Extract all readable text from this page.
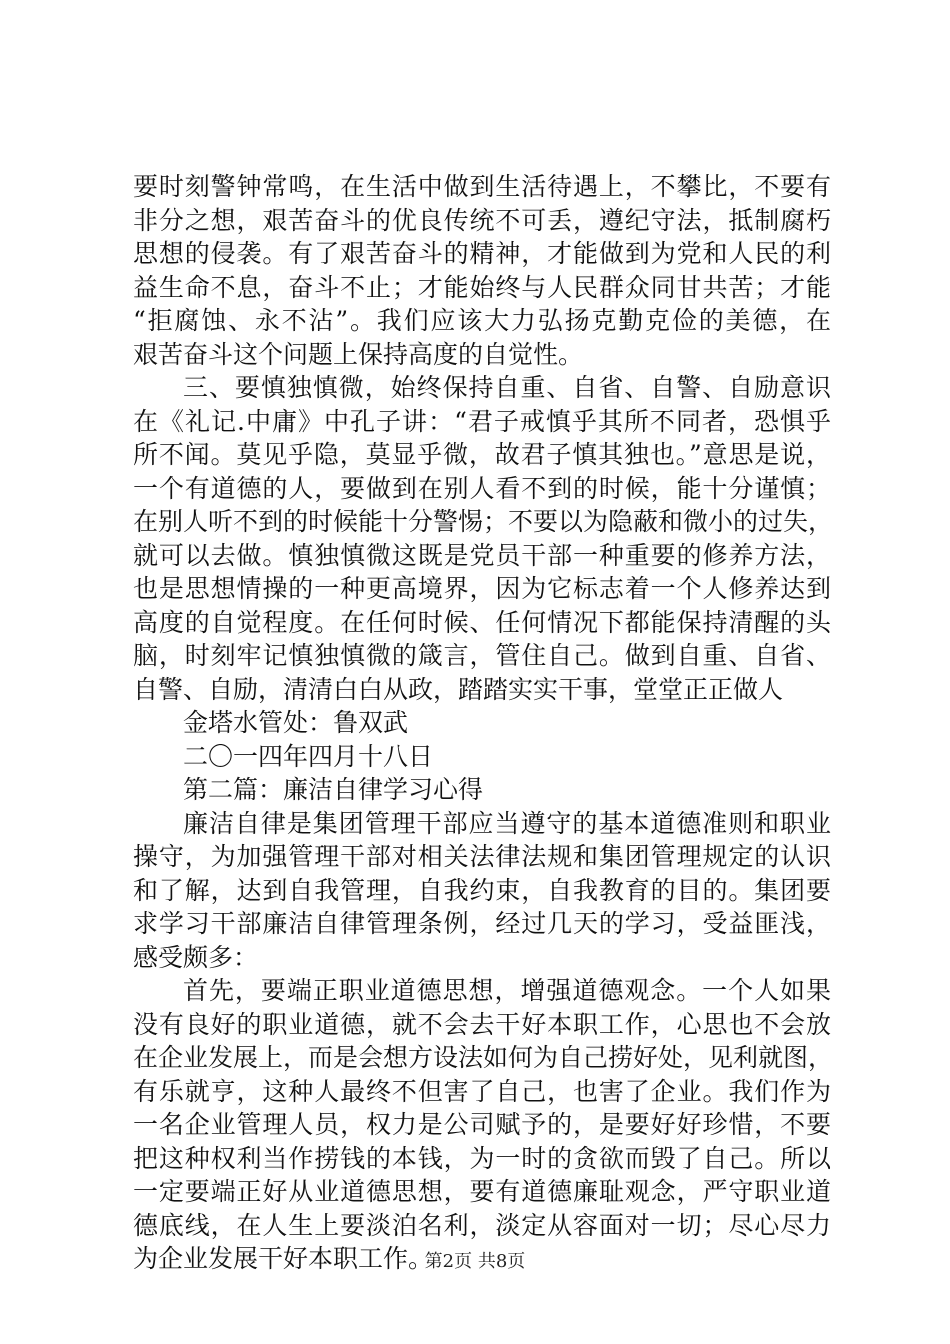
要时刻警钟常鸣，在生活中做到生活待遇上，不攀比，不要有
非分之想，艰苦奋斗的优良传统不可丢，遵纪守法，抵制腐朽
思想的侵袭。有了艰苦奋斗的精神，才能做到为党和人民的利
益生命不息，奋斗不止；才能始终与人民群众同甘共苦；才能
“拒腐蚀、永不沾”。我们应该大力弘扬克勤克俭的美德，在
艰苦奋斗这个问题上保持高度的自觉性。
三、要慎独慎微，始终保持自重、自省、自警、自励意识
在《礼记.中庸》中孔子讲：“君子戒慎乎其所不同者，恐惧乎
所不闻。莫见乎隐，莫显乎微，故君子慎其独也。”意思是说，
一个有道德的人，要做到在别人看不到的时候，能十分谨慎；
在别人听不到的时候能十分警惕；不要以为隐蔽和微小的过失，
就可以去做。慎独慎微这既是党员干部一种重要的修养方法，
也是思想情操的一种更高境界，因为它标志着一个人修养达到
高度的自觉程度。在任何时候、任何情况下都能保持清醒的头
脑，时刻牢记慎独慎微的箴言，管住自己。做到自重、自省、
自警、自励，清清白白从政，踏踏实实干事，堂堂正正做人
金塔水管处：鲁双武
二〇一四年四月十八日
第二篇：廉洁自律学习心得
廉洁自律是集团管理干部应当遵守的基本道德准则和职业
操守，为加强管理干部对相关法律法规和集团管理规定的认识
和了解，达到自我管理，自我约束，自我教育的目的。集团要
求学习干部廉洁自律管理条例，经过几天的学习，受益匪浅，
感受颇多：
首先，要端正职业道德思想，增强道德观念。一个人如果
没有良好的职业道德，就不会去干好本职工作，心思也不会放
在企业发展上，而是会想方设法如何为自己捞好处，见利就图，
有乐就亨，这种人最终不但害了自己，也害了企业。我们作为
一名企业管理人员，权力是公司赋予的，是要好好珍惜，不要
把这种权利当作捞钱的本钱，为一时的贪欲而毁了自己。所以
一定要端正好从业道德思想，要有道德廉耻观念，严守职业道
德底线，在人生上要淡泊名利，淡定从容面对一切；尽心尽力
为企业发展干好本职工作。
第2页 共8页
